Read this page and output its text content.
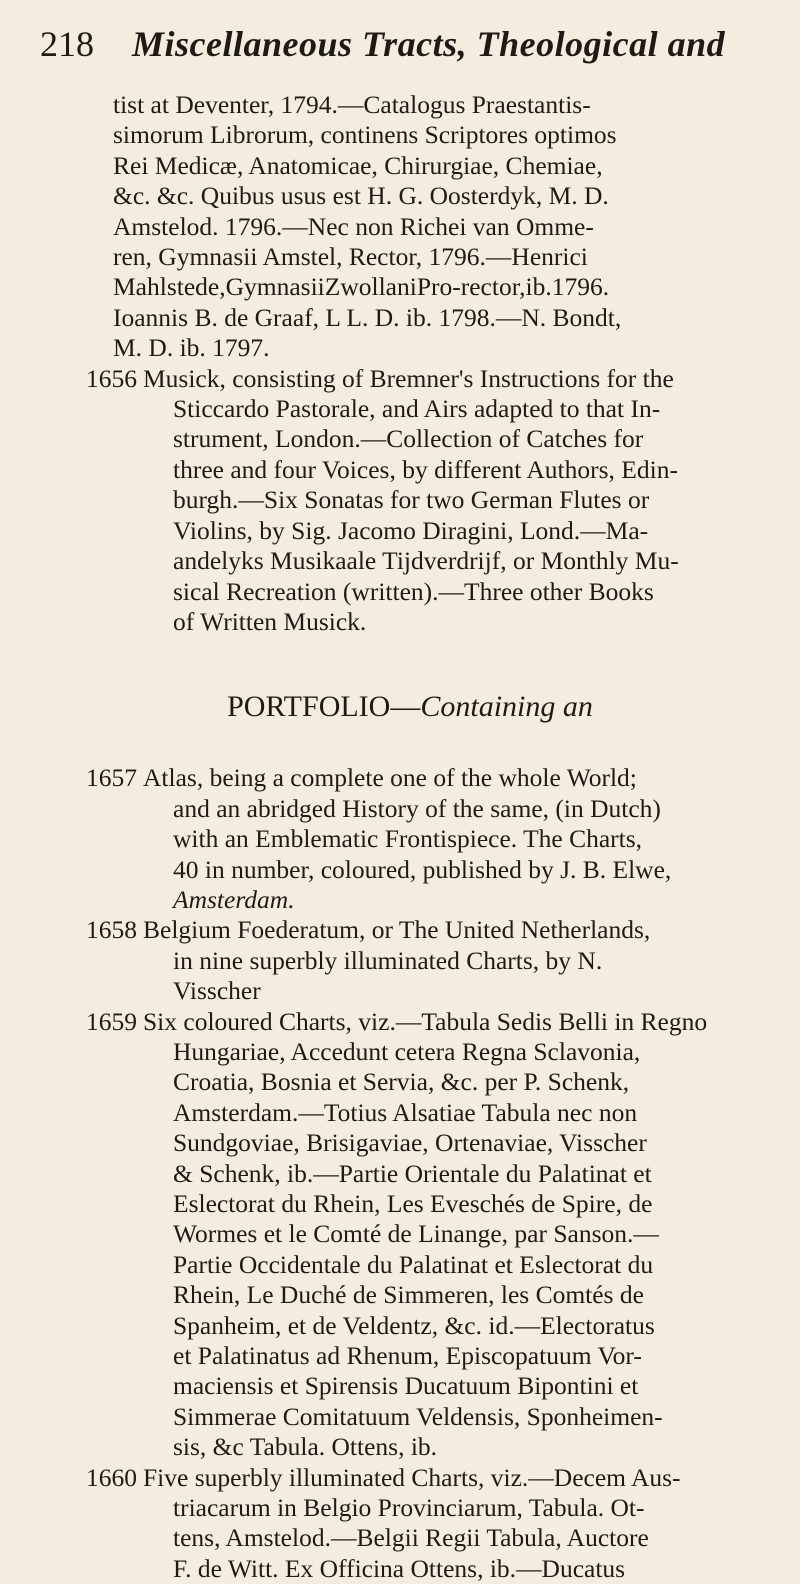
218 Miscellaneous Tracts, Theological and
tist at Deventer, 1794.—Catalogus Praestantis-
simorum Librorum, continens Scriptores optimos
Rei Medicæ, Anatomicae, Chirurgiae, Chemiae,
&c. &c. Quibus usus est H. G. Oosterdyk, M. D.
Amstelod. 1796.—Nec non Richei van Omme-
ren, Gymnasii Amstel, Rector, 1796.—Henrici
Mahlstede,GymnasiiZwollaniPro-rector,ib.1796.
Ioannis B. de Graaf, L L. D. ib. 1798.—N. Bondt,
M. D. ib. 1797.
1656 Musick, consisting of Bremner's Instructions for the
Sticcardo Pastorale, and Airs adapted to that In-
strument, London.—Collection of Catches for
three and four Voices, by different Authors, Edin-
burgh.—Six Sonatas for two German Flutes or
Violins, by Sig. Jacomo Diragini, Lond.—Ma-
andelyks Musikaale Tijdverdrijf, or Monthly Mu-
sical Recreation (written).—Three other Books
of Written Musick.
PORTFOLIO—Containing an
1657 Atlas, being a complete one of the whole World;
and an abridged History of the same, (in Dutch)
with an Emblematic Frontispiece. The Charts,
40 in number, coloured, published by J. B. Elwe,
Amsterdam.
1658 Belgium Foederatum, or The United Netherlands,
in nine superbly illuminated Charts, by N.
Visscher
1659 Six coloured Charts, viz.—Tabula Sedis Belli in Regno
Hungariae, Accedunt cetera Regna Sclavonia,
Croatia, Bosnia et Servia, &c. per P. Schenk,
Amsterdam.—Totius Alsatiae Tabula nec non
Sundgoviae, Brisigaviae, Ortenaviae, Visscher
& Schenk, ib.—Partie Orientale du Palatinat et
Eslectorat du Rhein, Les Eveschés de Spire, de
Wormes et le Comté de Linange, par Sanson.—
Partie Occidentale du Palatinat et Eslectorat du
Rhein, Le Duché de Simmeren, les Comtés de
Spanheim, et de Veldentz, &c. id.—Electoratus
et Palatinatus ad Rhenum, Episcopatuum Vor-
maciensis et Spirensis Ducatuum Bipontini et
Simmerae Comitatuum Veldensis, Sponheimen-
sis, &c Tabula. Ottens, ib.
1660 Five superbly illuminated Charts, viz.—Decem Aus-
triacarum in Belgio Provinciarum, Tabula. Ot-
tens, Amstelod.—Belgii Regii Tabula, Auctore
F. de Witt. Ex Officina Ottens, ib.—Ducatus
